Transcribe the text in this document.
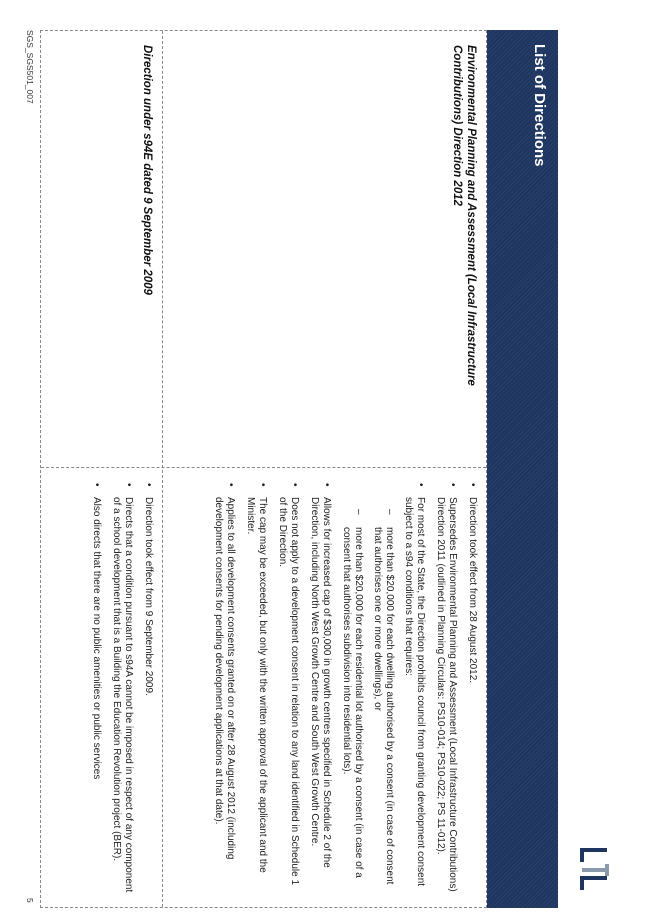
List of Directions
Environmental Planning and Assessment (Local Infrastructure Contributions) Direction 2012
• Direction took effect from 28 August 2012.
• Supersedes Environmental Planning and Assessment (Local Infrastructure Contributions) Direction 2011 (outlined in Planning Circulars: PS10-014; PS10-022; PS 11-012).
• For most of the State, the Direction prohibits council from granting development consent subject to a s94 conditions that requires:
– more than $20,000 for each dwelling authorised by a consent (in case of consent that authorises one or more dwellings), or
– more than $20,000 for each residential lot authorised by a consent (in case of a consent that authorises subdivision into residential lots).
• Allows for increased cap of $30,000 in growth centres specified in Schedule 2 of the Direction, including North West Growth Centre and South West Growth Centre.
• Does not apply to a development consent in relation to any land identified in Schedule 1 of the Direction.
• The cap may be exceeded, but only with the written approval of the applicant and the Minister.
• Applies to all development consents granted on or after 28 August 2012 (including development consents for pending development applications at that date).
Direction under s94E dated 9 September 2009
• Direction took effect from 9 September 2009.
• Directs that a condition pursuant to s94A cannot be imposed in respect of any component of a school development that is a Building the Education Revolution project (BER).
• Also directs that there are no public amenities or public services
SGS_SGS501_007
5
